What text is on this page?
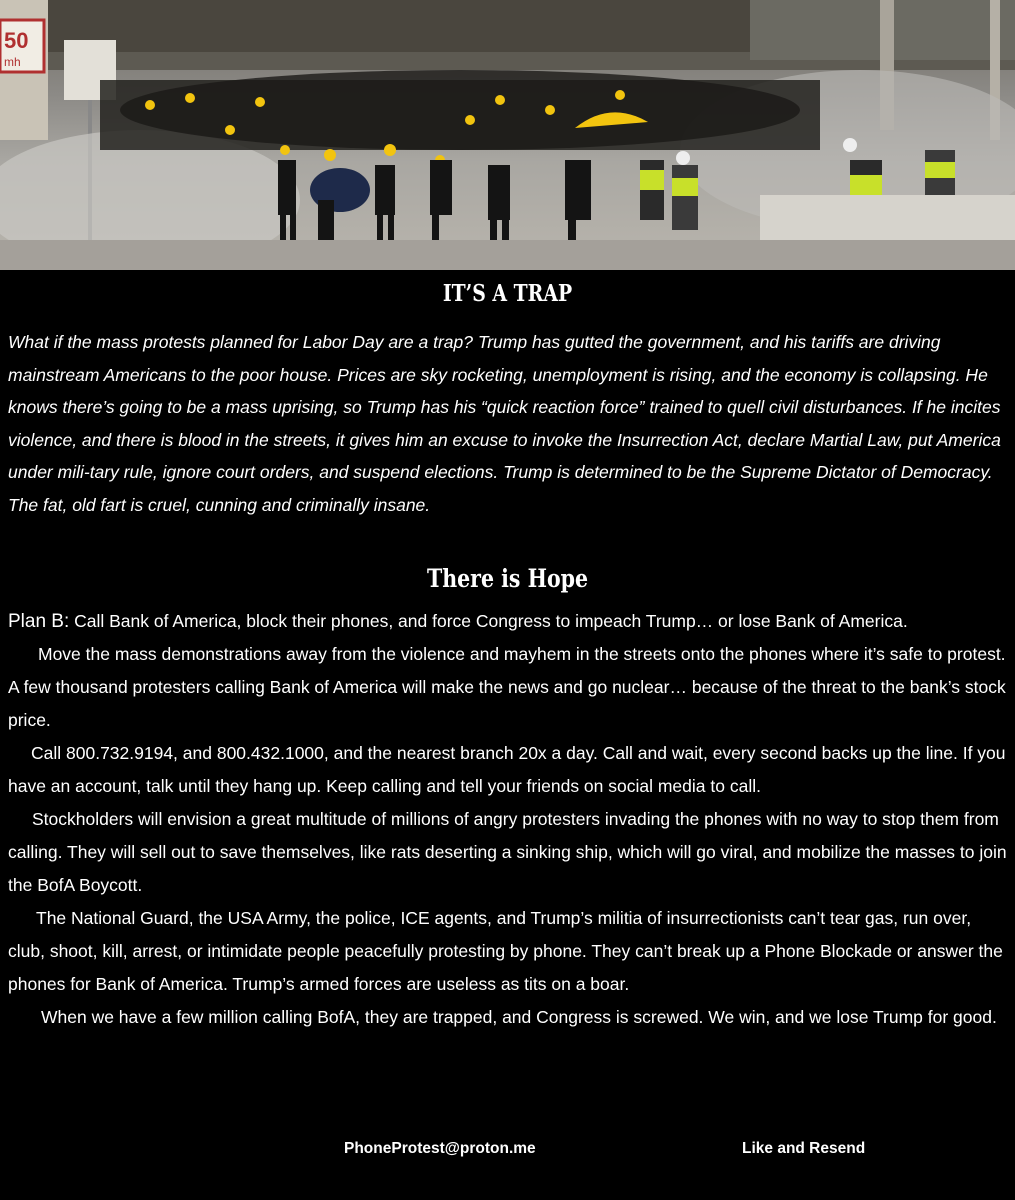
50
mh
IT’S A TRAP

What if the mass protests planned for Labor Day are a trap? Trump has gutted the government, and his tariffs are driving mainstream Americans to the poor house. Prices are sky rocketing, unemployment is rising, and the economy is collapsing. He knows there’s going to be a mass uprising, so Trump has his “quick reaction force” trained to quell civil disturbances. If he incites violence, and there is blood in the streets, it gives him an excuse to invoke the Insurrection Act, declare Martial Law, put America under mili-tary rule, ignore court orders, and suspend elections. Trump is determined to be the Supreme Dictator of Democracy. The fat, old fart is cruel, cunning and criminally insane.

There is Hope

Plan B: Call Bank of America, block their phones, and force Congress to impeach Trump… or lose Bank of America.

Move the mass demonstrations away from the violence and mayhem in the streets onto the phones where it’s safe to protest. A few thousand protesters calling Bank of America will make the news and go nuclear… because of the threat to the bank’s stock price.

Call 800.732.9194, and 800.432.1000, and the nearest branch 20x a day. Call and wait, every second backs up the line. If you have an account, talk until they hang up. Keep calling and tell your friends on social media to call.

Stockholders will envision a great multitude of millions of angry protesters invading the phones with no way to stop them from calling. They will sell out to save themselves, like rats deserting a sinking ship, which will go viral, and mobilize the masses to join the BofA Boycott.

The National Guard, the USA Army, the police, ICE agents, and Trump’s militia of insurrectionists can’t tear gas, run over, club, shoot, kill, arrest, or intimidate people peacefully protesting by phone. They can’t break up a Phone Blockade or answer the phones for Bank of America. Trump’s armed forces are useless as tits on a boar.

When we have a few million calling BofA, they are trapped, and Congress is screwed. We win, and we lose Trump for good.

PhoneProtest@proton.me	Like and Resend
